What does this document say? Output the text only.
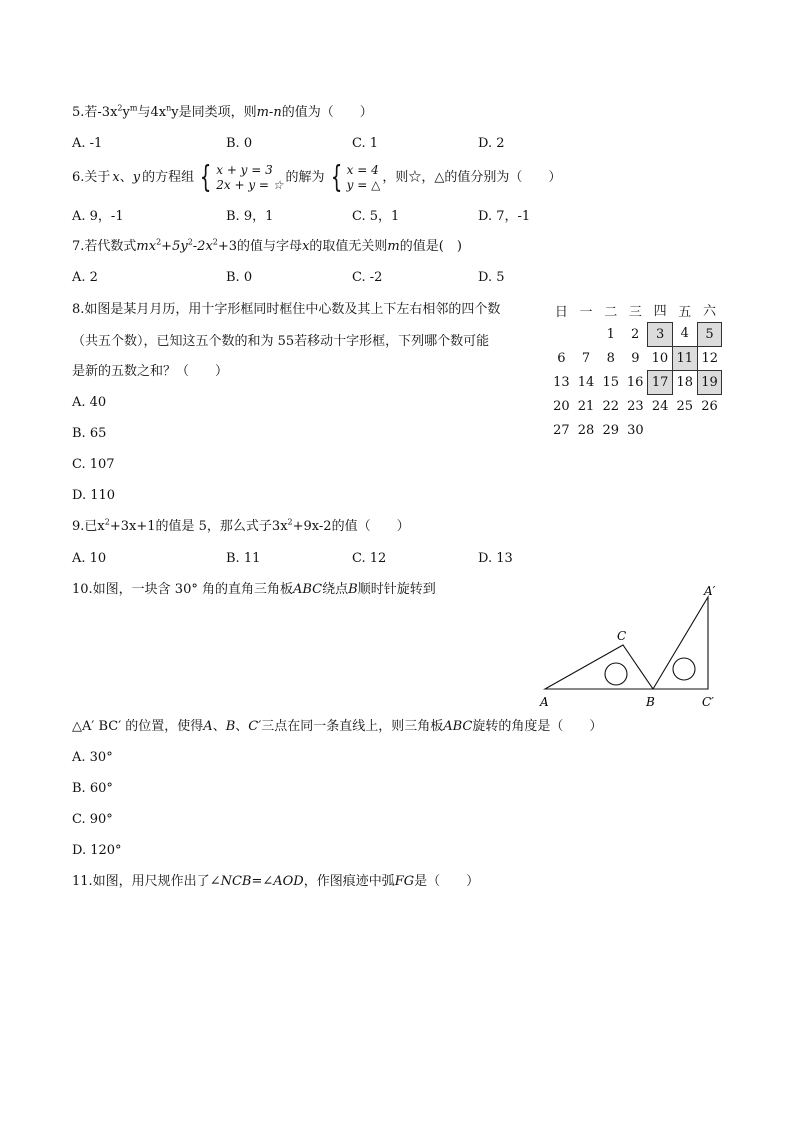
5.若$-3x^2y^m$与$4x^ny$是同类项，则m-n的值为（　　）
A. -1	B. 0	C. 1	D. 2
6.关于 x 、 y 的方程组 { x + y = 3
2x + y = ☆ 的解为 { x = 4
y = △ ，则☆，△的值分别为（　　）
A. 9，-1	B. 9，1	C. 5，1	D. 7，-1
7.若代数式$mx^2+5y^2-2x^2+3$的值与字母x的取值无关则m的值是(　)
A. 2	B. 0	C. -2	D. 5
8.如图是某月月历，用十字形框同时框住中心数及其上下左右相邻的四个数
（共五个数），已知这五个数的和为 55若移动十字形框，下列哪个数可能
是新的五数之和？（　　）
A. 40
B. 65
C. 107
D. 110
日	一	二	三	四	五	六
		1	2	3	4	5
6	7	8	9	10	11	12
13	14	15	16	17	18	19
20	21	22	23	24	25	26
27	28	29	30			
9.已$x^2+3x+1$的值是 5，那么式子$3x^2+9x-2$的值（　　）
A. 10	B. 11	C. 12	D. 13
10.如图，一块含 30° 角的直角三角板ABC绕点B顺时针旋转到
A	B
C
A′
C′
△A′ BC′ 的位置，使得A、B、C′三点在同一条直线上，则三角板ABC旋转的角度是（　　）
A. 30°
B. 60°
C. 90°
D. 120°
11.如图，用尺规作出了∠NCB=∠AOD，作图痕迹中弧FG是（　　）
